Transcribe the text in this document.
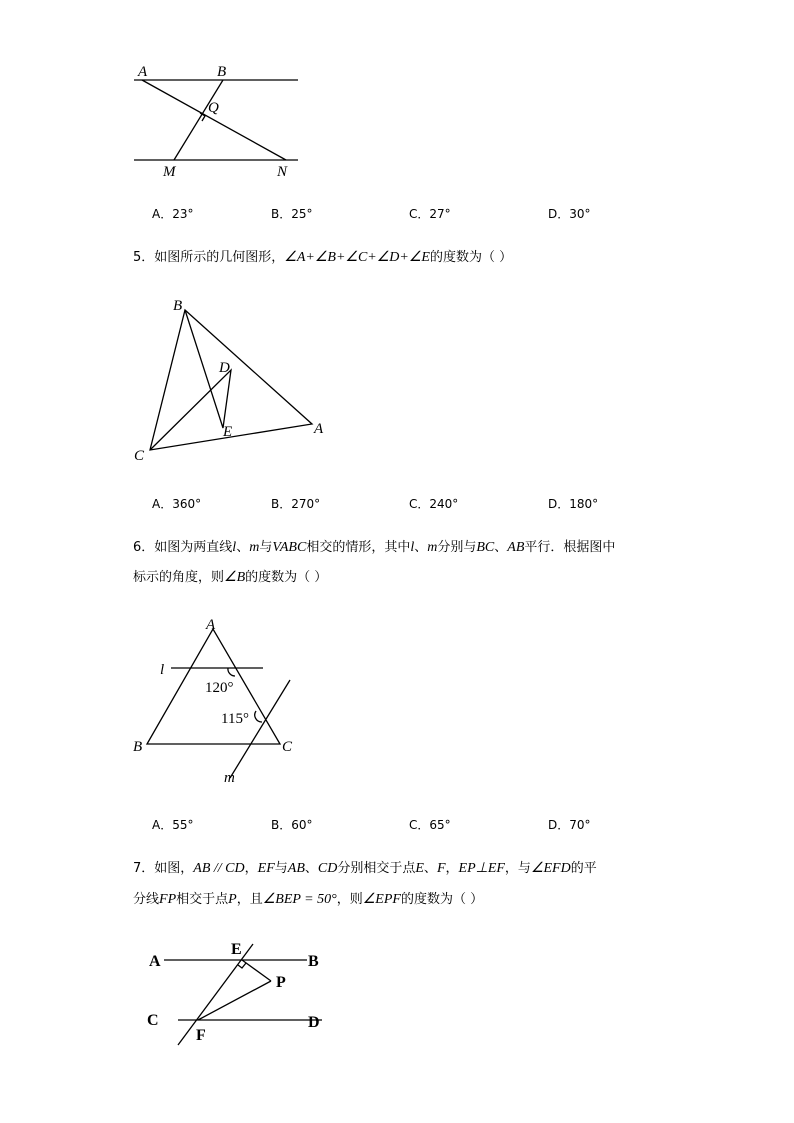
A	B
Q
M	N
A．23°	B．25°	C．27°	D．30°
5．如图所示的几何图形，∠A+∠B+∠C+∠D+∠E的度数为（ ）
B
D
E	A
C
A．360°	B．270°	C．240°	D．180°
6．如图为两直线l、m与VABC相交的情形，其中l、m分别与BC、AB平行．根据图中
标示的角度，则∠B的度数为（ ）
A
l
120°
115°
B	C
m
A．55°	B．60°	C．65°	D．70°
7．如图，AB // CD，EF与AB、CD分别相交于点E、F，EP⊥EF，与∠EFD的平
分线FP相交于点P，且∠BEP = 50°，则∠EPF的度数为（ ）
A
E
B
P
C
F
D
